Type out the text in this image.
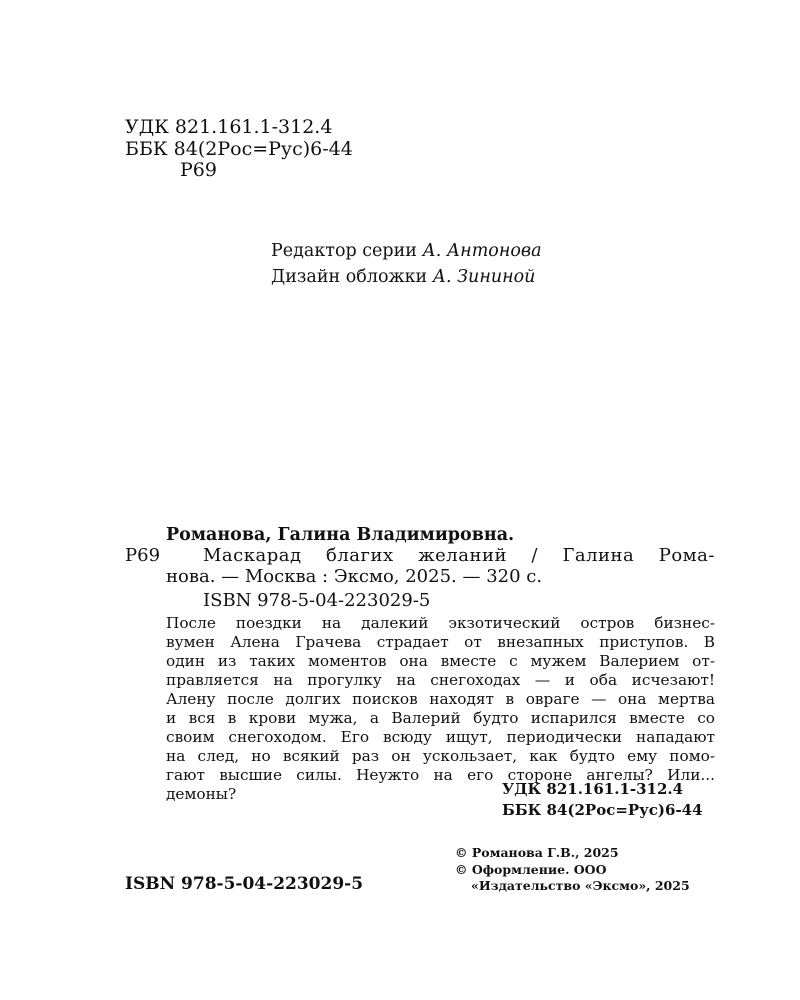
УДК 821.161.1-312.4
ББК 84(2Рос=Рус)6-44
Р69
Редактор серии А. Антонова
Дизайн обложки А. Зининой
Романова, Галина Владимировна.
Р69 Маскарад благих желаний / Галина Рома-
нова. — Москва : Эксмо, 2025. — 320 с.
ISBN 978-5-04-223029-5
После поездки на далекий экзотический остров бизнес-
вумен Алена Грачева страдает от внезапных приступов. В
один из таких моментов она вместе с мужем Валерием от-
правляется на прогулку на снегоходах — и оба исчезают!
Алену после долгих поисков находят в овраге — она мертва
и вся в крови мужа, а Валерий будто испарился вместе со
своим снегоходом. Его всюду ищут, периодически нападают
на след, но всякий раз он ускользает, как будто ему помо-
гают высшие силы. Неужто на его стороне ангелы? Или...
демоны?	УДК 821.161.1-312.4
ББК 84(2Рос=Рус)6-44
© Романова Г.В., 2025
© Оформление. ООО
«Издательство «Эксмо», 2025
ISBN 978-5-04-223029-5
